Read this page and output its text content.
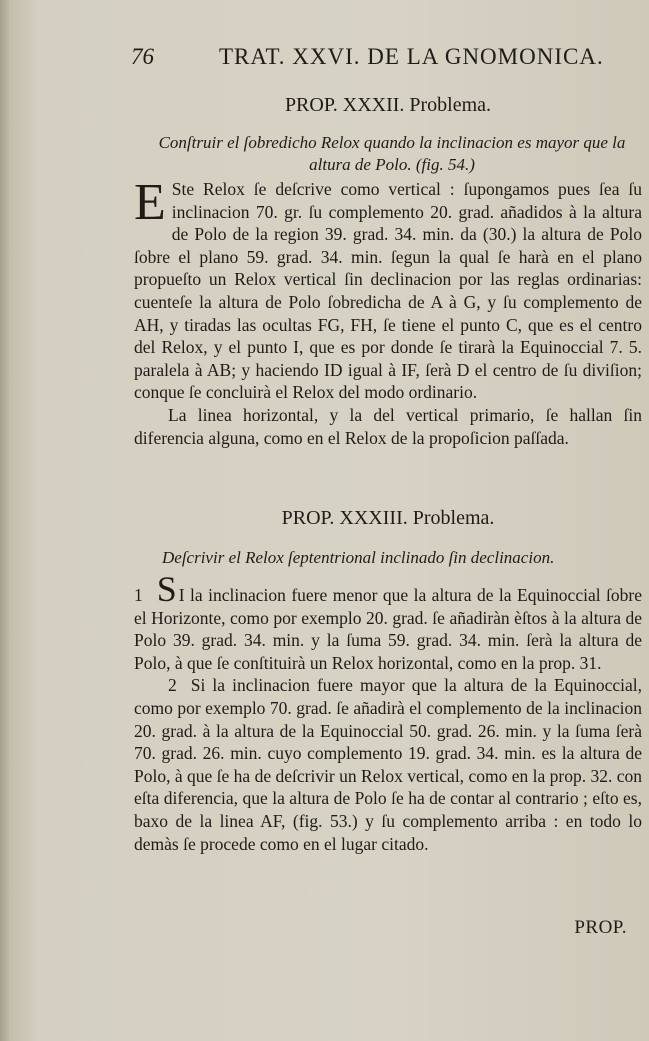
76	TRAT. XXVI. DE LA GNOMONICA.
PROP. XXXII. Problema.
Conſtruir el ſobredicho Relox quando la inclinacion es mayor que la altura de Polo. (fig. 54.)

E Ste Relox ſe deſcrive como vertical : ſupongamos pues ſea ſu inclinacion 70. gr. ſu complemento 20. grad. añadidos à la altura de Polo de la region 39. grad. 34. min. da (30.) la altura de Polo ſobre el plano 59. grad. 34. min. ſegun la qual ſe harà en el plano propueſto un Relox vertical ſin declinacion por las reglas ordinarias: cuenteſe la altura de Polo ſobredicha de A à G, y ſu complemento de AH, y tiradas las ocultas FG, FH, ſe tiene el punto C, que es el centro del Relox, y el punto I, que es por donde ſe tirarà la Equinoccial 7. 5. paralela à AB; y haciendo ID igual à IF, ſerà D el centro de ſu diviſion; conque ſe concluirà el Relox del modo ordinario.

La linea horizontal, y la del vertical primario, ſe hallan ſin diferencia alguna, como en el Relox de la propoſicion paſſada.

PROP. XXXIII. Problema.
Deſcrivir el Relox ſeptentrional inclinado ſin declinacion.

1 S I la inclinacion fuere menor que la altura de la Equinoccial ſobre el Horizonte, como por exemplo 20. grad. ſe añadiràn èſtos à la altura de Polo 39. grad. 34. min. y la ſuma 59. grad. 34. min. ſerà la altura de Polo, à que ſe conſtituirà un Relox horizontal, como en la prop. 31.

2 Si la inclinacion fuere mayor que la altura de la Equinoccial, como por exemplo 70. grad. ſe añadirà el complemento de la inclinacion 20. grad. à la altura de la Equinoccial 50. grad. 26. min. y la ſuma ſerà 70. grad. 26. min. cuyo complemento 19. grad. 34. min. es la altura de Polo, à que ſe ha de deſcrivir un Relox vertical, como en la prop. 32. con eſta diferencia, que la altura de Polo ſe ha de contar al contrario ; eſto es, baxo de la linea AF, (fig. 53.) y ſu complemento arriba : en todo lo demàs ſe procede como en el lugar citado.

PROP.
